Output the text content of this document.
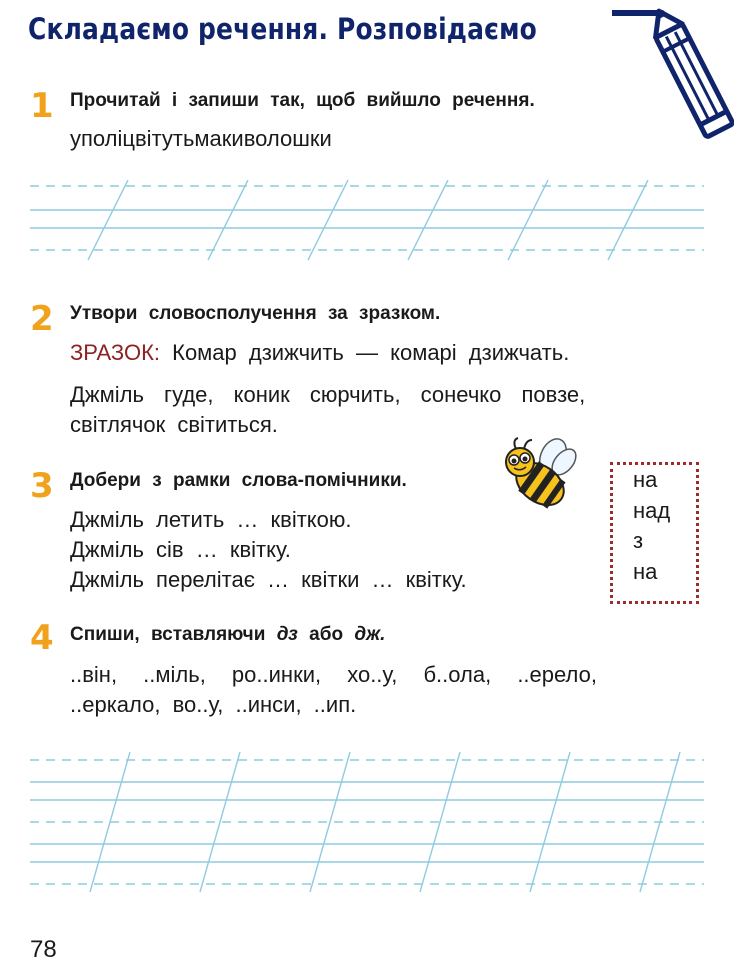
Складаємо речення. Розповідаємо
1 Прочитай і запиши так, щоб вийшло речення.
уполіцвітутьмакиволошки
2 Утвори словосполучення за зразком.
ЗРАЗОК: Комар дзижчить — комарі дзижчать.
Джміль гуде, коник сюрчить, сонечко повзе,
світлячок світиться.
3 Добери з рамки слова-помічники.
Джміль летить … квіткою.
Джміль сів … квітку.
Джміль перелітає … квітки … квітку.
на
над
з
на
4 Спиши, вставляючи дз або дж.
..він, ..міль, ро..инки, хо..у, б..ола, ..ерело,
..еркало, во..у, ..инси, ..ип.
78
